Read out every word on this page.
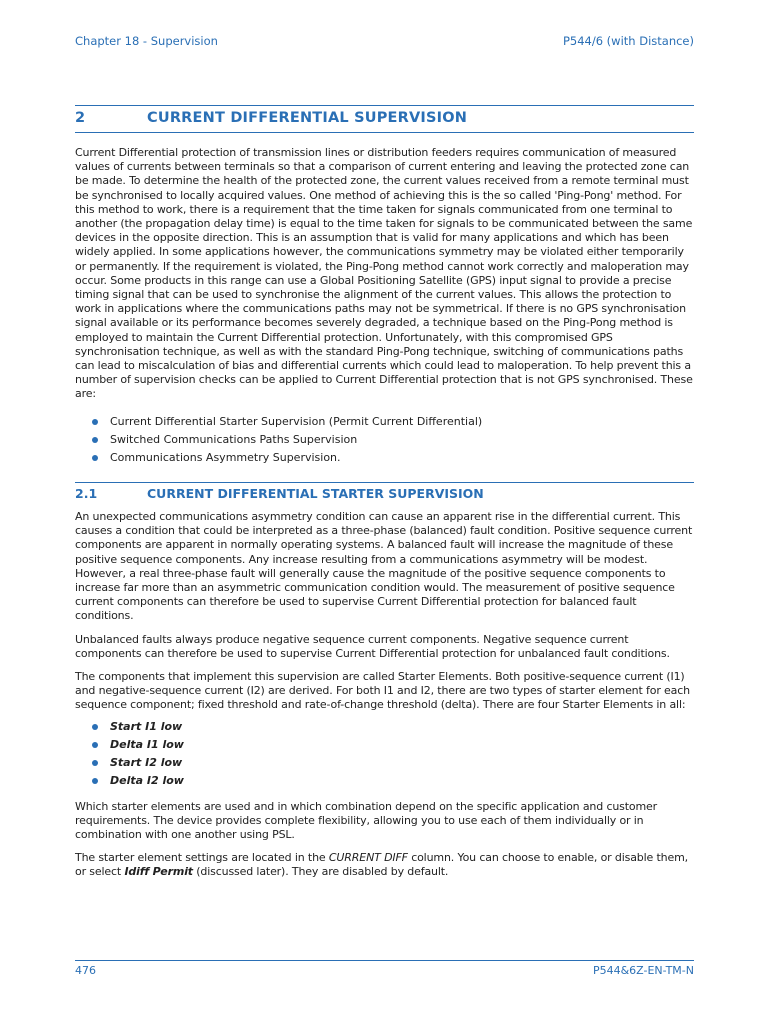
Chapter 18 - Supervision	P544/6 (with Distance)
2	CURRENT DIFFERENTIAL SUPERVISION

Current Differential protection of transmission lines or distribution feeders requires communication of measured values of currents between terminals so that a comparison of current entering and leaving the protected zone can be made. To determine the health of the protected zone, the current values received from a remote terminal must be synchronised to locally acquired values. One method of achieving this is the so called 'Ping-Pong' method. For this method to work, there is a requirement that the time taken for signals communicated from one terminal to another (the propagation delay time) is equal to the time taken for signals to be communicated between the same devices in the opposite direction. This is an assumption that is valid for many applications and which has been widely applied. In some applications however, the communications symmetry may be violated either temporarily or permanently. If the requirement is violated, the Ping-Pong method cannot work correctly and maloperation may occur. Some products in this range can use a Global Positioning Satellite (GPS) input signal to provide a precise timing signal that can be used to synchronise the alignment of the current values. This allows the protection to work in applications where the communications paths may not be symmetrical. If there is no GPS synchronisation signal available or its performance becomes severely degraded, a technique based on the Ping-Pong method is employed to maintain the Current Differential protection. Unfortunately, with this compromised GPS synchronisation technique, as well as with the standard Ping-Pong technique, switching of communications paths can lead to miscalculation of bias and differential currents which could lead to maloperation. To help prevent this a number of supervision checks can be applied to Current Differential protection that is not GPS synchronised. These are:

Current Differential Starter Supervision (Permit Current Differential)
Switched Communications Paths Supervision
Communications Asymmetry Supervision.
2.1	CURRENT DIFFERENTIAL STARTER SUPERVISION

An unexpected communications asymmetry condition can cause an apparent rise in the differential current. This causes a condition that could be interpreted as a three-phase (balanced) fault condition. Positive sequence current components are apparent in normally operating systems. A balanced fault will increase the magnitude of these positive sequence components. Any increase resulting from a communications asymmetry will be modest. However, a real three-phase fault will generally cause the magnitude of the positive sequence components to increase far more than an asymmetric communication condition would. The measurement of positive sequence current components can therefore be used to supervise Current Differential protection for balanced fault conditions.

Unbalanced faults always produce negative sequence current components. Negative sequence current components can therefore be used to supervise Current Differential protection for unbalanced fault conditions.

The components that implement this supervision are called Starter Elements. Both positive-sequence current (I1) and negative-sequence current (I2) are derived. For both I1 and I2, there are two types of starter element for each sequence component; fixed threshold and rate-of-change threshold (delta). There are four Starter Elements in all:

Start I1 low
Delta I1 low
Start I2 low
Delta I2 low

Which starter elements are used and in which combination depend on the specific application and customer requirements. The device provides complete flexibility, allowing you to use each of them individually or in combination with one another using PSL.

The starter element settings are located in the CURRENT DIFF column. You can choose to enable, or disable them, or select Idiff Permit (discussed later). They are disabled by default.

476	P544&6Z-EN-TM-N
